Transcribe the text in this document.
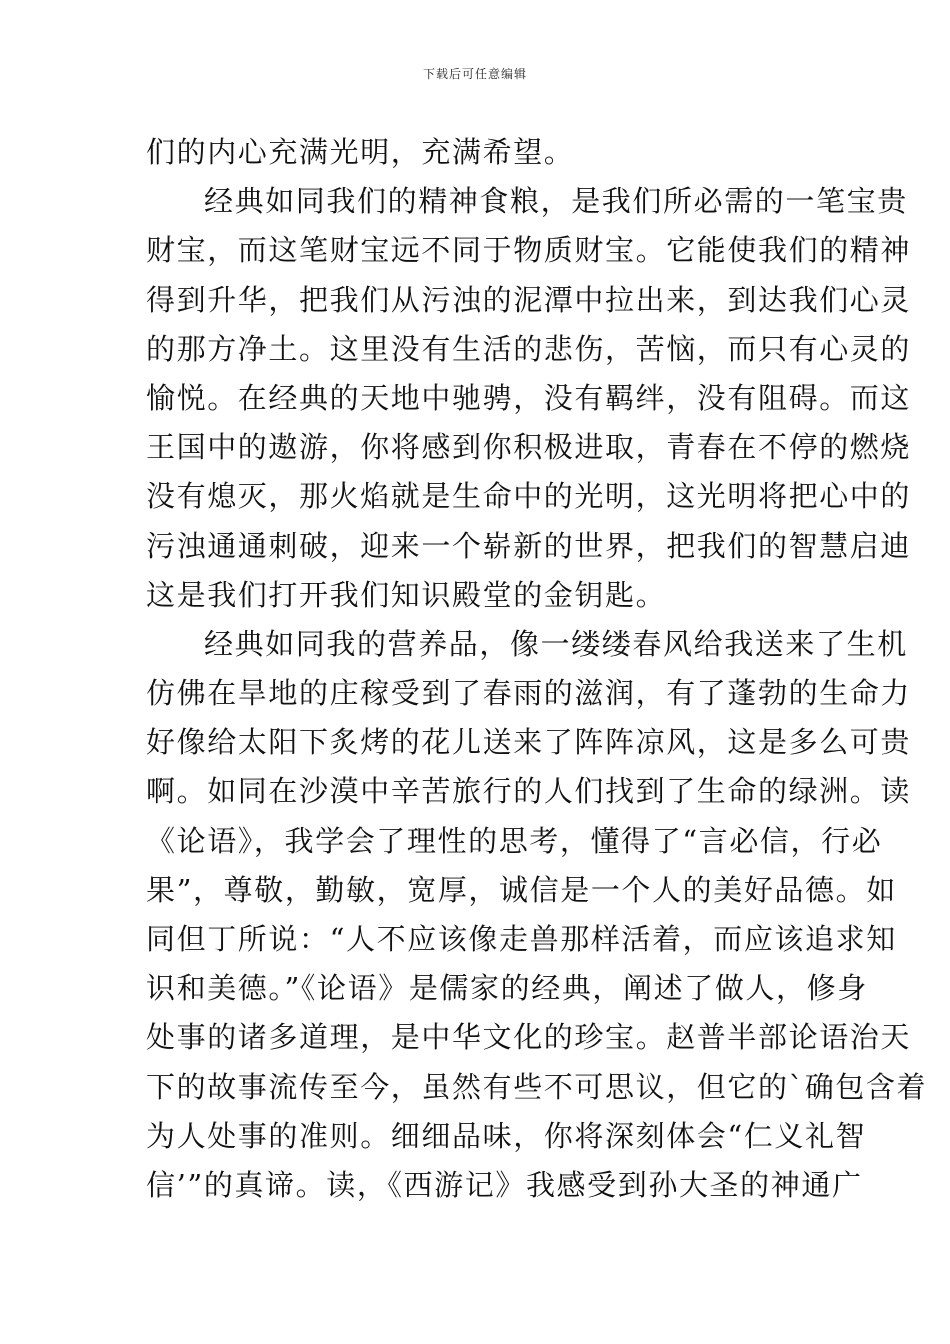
下载后可任意编辑
们的内心充满光明，充满希望。
经典如同我们的精神食粮，是我们所必需的一笔宝贵
财宝，而这笔财宝远不同于物质财宝。它能使我们的精神
得到升华，把我们从污浊的泥潭中拉出来，到达我们心灵
的那方净土。这里没有生活的悲伤，苦恼，而只有心灵的
愉悦。在经典的天地中驰骋，没有羁绊，没有阻碍。而这
王国中的遨游，你将感到你积极进取，青春在不停的燃烧
没有熄灭，那火焰就是生命中的光明，这光明将把心中的
污浊通通刺破，迎来一个崭新的世界，把我们的智慧启迪
这是我们打开我们知识殿堂的金钥匙。
经典如同我的营养品，像一缕缕春风给我送来了生机
仿佛在旱地的庄稼受到了春雨的滋润，有了蓬勃的生命力
好像给太阳下炙烤的花儿送来了阵阵凉风，这是多么可贵
啊。如同在沙漠中辛苦旅行的人们找到了生命的绿洲。读
《论语》，我学会了理性的思考，懂得了“言必信，行必
果”，尊敬，勤敏，宽厚，诚信是一个人的美好品德。如
同但丁所说：“人不应该像走兽那样活着，而应该追求知
识和美德。”《论语》是儒家的经典，阐述了做人，修身
处事的诸多道理，是中华文化的珍宝。赵普半部论语治天
下的故事流传至今，虽然有些不可思议，但它的`确包含着
为人处事的准则。细细品味，你将深刻体会“仁义礼智
信’”的真谛。读，《西游记》我感受到孙大圣的神通广
